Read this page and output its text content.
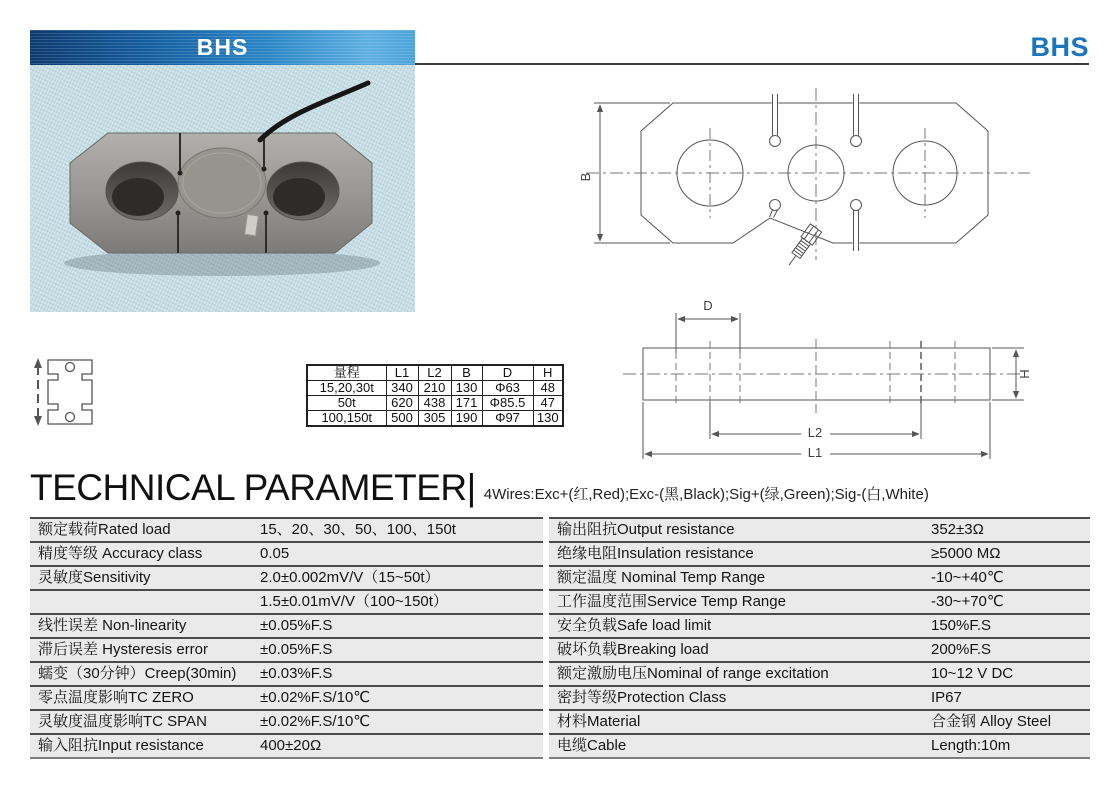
BHS	BHS
B
D
H
L2
L1
量程	L1	L2	B	D	H
15,20,30t	340	210	130	Φ63	48
50t	620	438	171	Φ85.5	47
100,150t	500	305	190	Φ97	130
TECHNICAL PARAMETER| 4Wires:Exc+(红,Red);Exc-(黑,Black);Sig+(绿,Green);Sig-(白,White)
额定载荷Rated load	15、20、30、50、100、150t
精度等级 Accuracy class	0.05
灵敏度Sensitivity	2.0±0.002mV/V（15~50t）
1.5±0.01mV/V（100~150t）
线性误差 Non-linearity	±0.05%F.S
滞后误差 Hysteresis error	±0.05%F.S
蠕变（30分钟）Creep(30min)	±0.03%F.S
零点温度影响TC ZERO	±0.02%F.S/10℃
灵敏度温度影响TC SPAN	±0.02%F.S/10℃
输入阻抗Input resistance	400±20Ω
输出阻抗Output resistance	352±3Ω
绝缘电阻Insulation resistance	≥5000 MΩ
额定温度 Nominal Temp Range	-10~+40℃
工作温度范围Service Temp Range	-30~+70℃
安全负载Safe load limit	150%F.S
破坏负载Breaking load	200%F.S
额定激励电压Nominal of range excitation	10~12 V DC
密封等级Protection Class	IP67
材料Material	合金钢 Alloy Steel
电缆Cable	Length:10m
